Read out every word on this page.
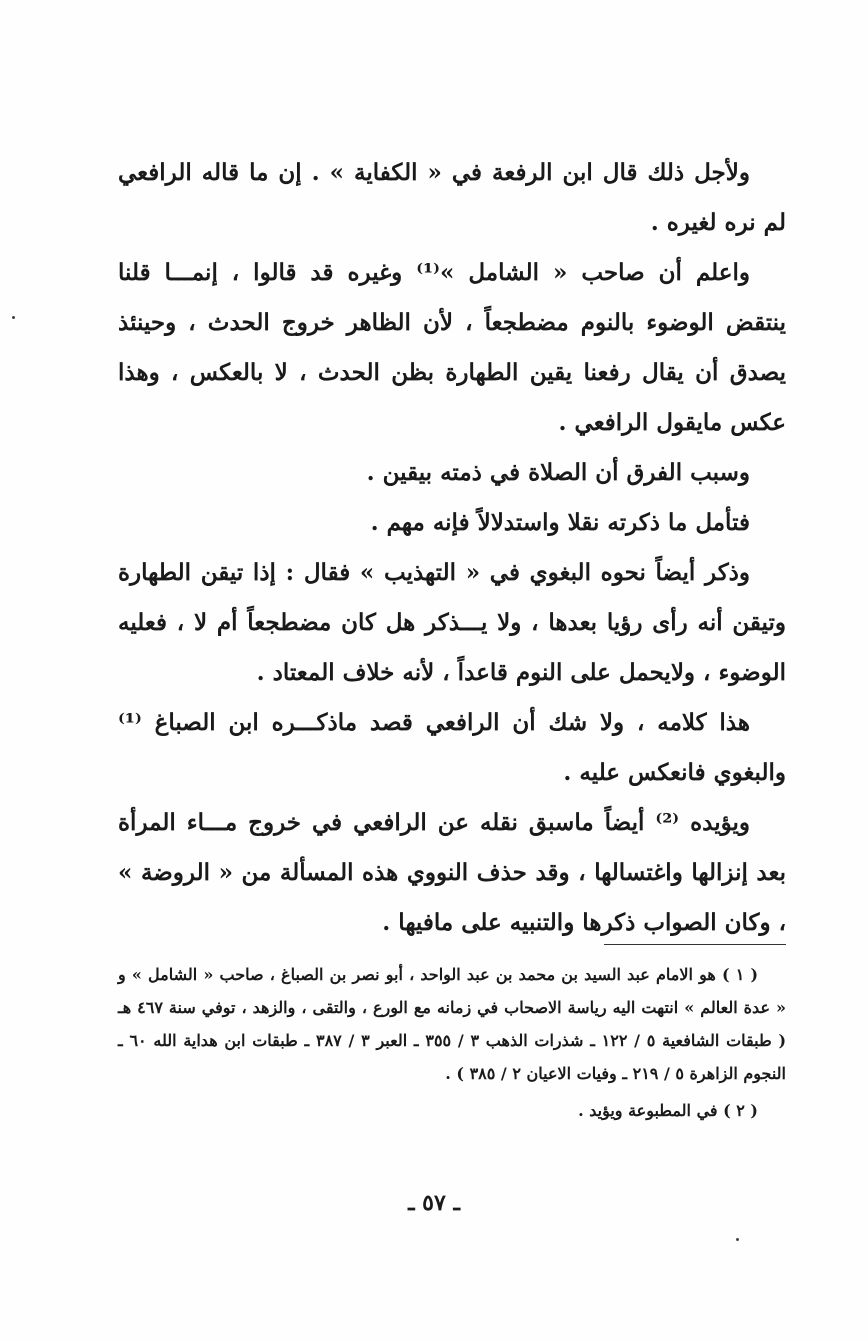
ولأجل ذلك قال ابن الرفعة في « الكفاية » . إن ما قاله الرافعي لم نره لغيره .

واعلم أن صاحب « الشامل »⁽¹⁾ وغيره قد قالوا ، إنمـــا قلنا ينتقض الوضوء بالنوم مضطجعاً ، لأن الظاهر خروج الحدث ، وحينئذ يصدق أن يقال رفعنا يقين الطهارة بظن الحدث ، لا بالعكس ، وهذا عكس مايقول الرافعي .

وسبب الفرق أن الصلاة في ذمته بيقين .

فتأمل ما ذكرته نقلا واستدلالاً فإنه مهم .

وذكر أيضاً نحوه البغوي في « التهذيب » فقال : إذا تيقن الطهارة وتيقن أنه رأى رؤيا بعدها ، ولا يـــذكر هل كان مضطجعاً أم لا ، فعليه الوضوء ، ولايحمل على النوم قاعداً ، لأنه خلاف المعتاد .

هذا كلامه ، ولا شك أن الرافعي قصد ماذكـــره ابن الصباغ ⁽¹⁾ والبغوي فانعكس عليه .

ويؤيده ⁽²⁾ أيضاً ماسبق نقله عن الرافعي في خروج مـــاء المرأة بعد إنزالها واغتسالها ، وقد حذف النووي هذه المسألة من « الروضة » ، وكان الصواب ذكرها والتنبيه على مافيها .

( ١ ) هو الامام عبد السيد بن محمد بن عبد الواحد ، أبو نصر بن الصباغ ، صاحب « الشامل » و « عدة العالم » انتهت اليه رياسة الاصحاب في زمانه مع الورع ، والتقى ، والزهد ، توفي سنة ٤٦٧ هـ ( طبقات الشافعية ٥ / ١٢٢ ـ شذرات الذهب ٣ / ٣٥٥ ـ العبر ٣ / ٣٨٧ ـ طبقات ابن هداية الله ٦٠ ـ النجوم الزاهرة ٥ / ٢١٩ ـ وفيات الاعيان ٢ / ٣٨٥ ) .

( ٢ ) في المطبوعة ويؤيد .

ـ ٥٧ ـ
